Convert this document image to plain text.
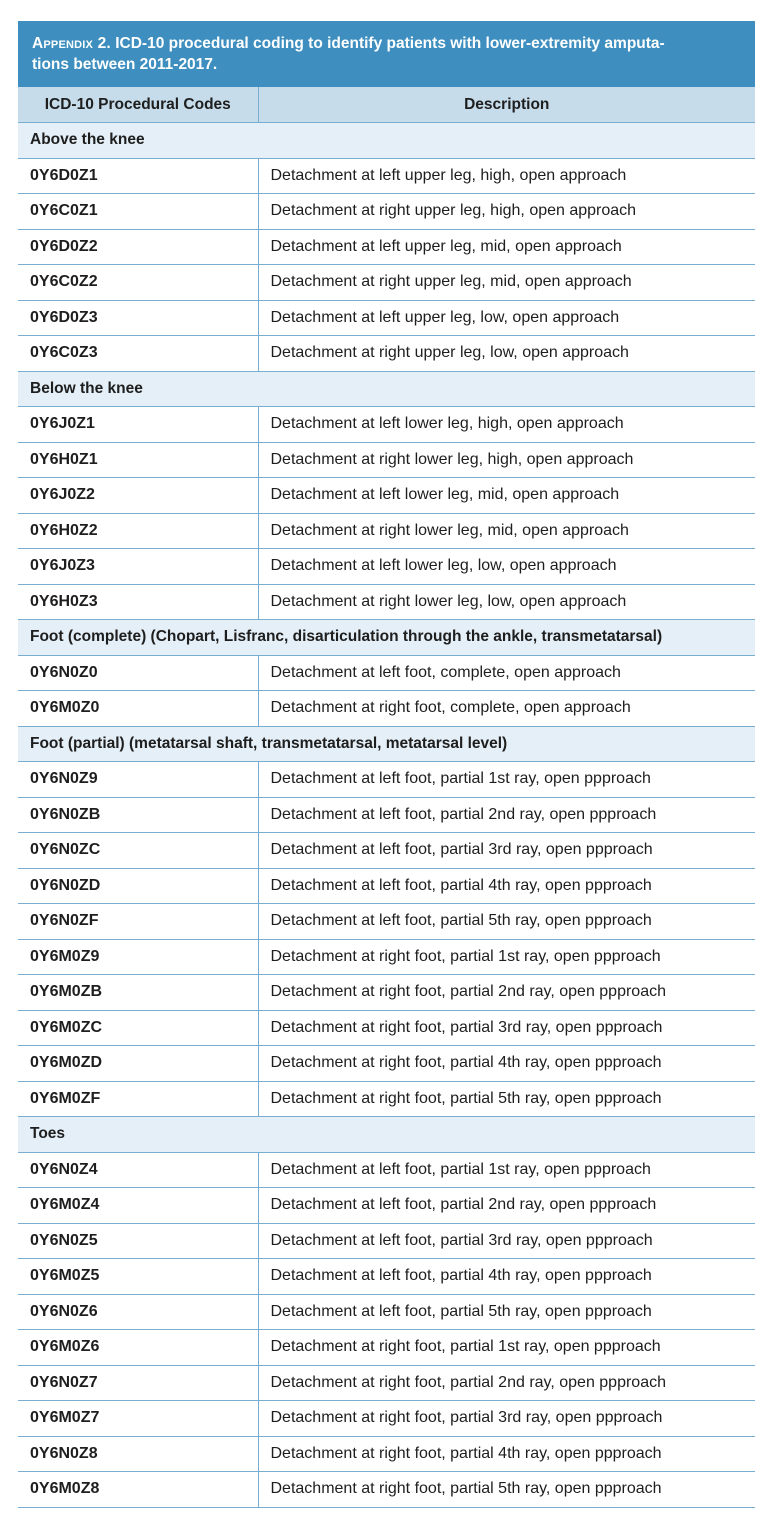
Appendix 2. ICD-10 procedural coding to identify patients with lower-extremity amputa-
tions between 2011-2017.
ICD-10 Procedural Codes	Description
Above the knee	
0Y6D0Z1	Detachment at left upper leg, high, open approach
0Y6C0Z1	Detachment at right upper leg, high, open approach
0Y6D0Z2	Detachment at left upper leg, mid, open approach
0Y6C0Z2	Detachment at right upper leg, mid, open approach
0Y6D0Z3	Detachment at left upper leg, low, open approach
0Y6C0Z3	Detachment at right upper leg, low, open approach
Below the knee	
0Y6J0Z1	Detachment at left lower leg, high, open approach
0Y6H0Z1	Detachment at right lower leg, high, open approach
0Y6J0Z2	Detachment at left lower leg, mid, open approach
0Y6H0Z2	Detachment at right lower leg, mid, open approach
0Y6J0Z3	Detachment at left lower leg, low, open approach
0Y6H0Z3	Detachment at right lower leg, low, open approach
Foot (complete) (Chopart, Lisfranc, disarticulation through the ankle, transmetatarsal)	
0Y6N0Z0	Detachment at left foot, complete, open approach
0Y6M0Z0	Detachment at right foot, complete, open approach
Foot (partial) (metatarsal shaft, transmetatarsal, metatarsal level)	
0Y6N0Z9	Detachment at left foot, partial 1st ray, open ppproach
0Y6N0ZB	Detachment at left foot, partial 2nd ray, open ppproach
0Y6N0ZC	Detachment at left foot, partial 3rd ray, open ppproach
0Y6N0ZD	Detachment at left foot, partial 4th ray, open ppproach
0Y6N0ZF	Detachment at left foot, partial 5th ray, open ppproach
0Y6M0Z9	Detachment at right foot, partial 1st ray, open ppproach
0Y6M0ZB	Detachment at right foot, partial 2nd ray, open ppproach
0Y6M0ZC	Detachment at right foot, partial 3rd ray, open ppproach
0Y6M0ZD	Detachment at right foot, partial 4th ray, open ppproach
0Y6M0ZF	Detachment at right foot, partial 5th ray, open ppproach
Toes	
0Y6N0Z4	Detachment at left foot, partial 1st ray, open ppproach
0Y6M0Z4	Detachment at left foot, partial 2nd ray, open ppproach
0Y6N0Z5	Detachment at left foot, partial 3rd ray, open ppproach
0Y6M0Z5	Detachment at left foot, partial 4th ray, open ppproach
0Y6N0Z6	Detachment at left foot, partial 5th ray, open ppproach
0Y6M0Z6	Detachment at right foot, partial 1st ray, open ppproach
0Y6N0Z7	Detachment at right foot, partial 2nd ray, open ppproach
0Y6M0Z7	Detachment at right foot, partial 3rd ray, open ppproach
0Y6N0Z8	Detachment at right foot, partial 4th ray, open ppproach
0Y6M0Z8	Detachment at right foot, partial 5th ray, open ppproach
